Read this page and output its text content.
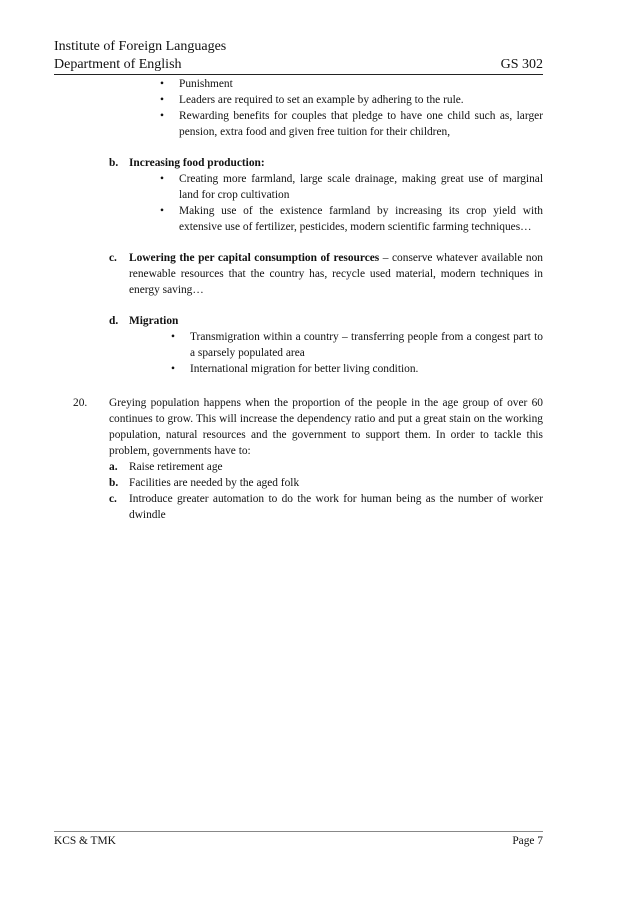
Institute of Foreign Languages
Department of English	GS 302
• Punishment
• Leaders are required to set an example by adhering to the rule.
• Rewarding benefits for couples that pledge to have one child such as, larger pension, extra food and given free tuition for their children,
b. Increasing food production:
• Creating more farmland, large scale drainage, making great use of marginal land for crop cultivation
• Making use of the existence farmland by increasing its crop yield with extensive use of fertilizer, pesticides, modern scientific farming techniques…
c. Lowering the per capital consumption of resources – conserve whatever available non renewable resources that the country has, recycle used material, modern techniques in energy saving…
d. Migration
• Transmigration within a country – transferring people from a congest part to a sparsely populated area
• International migration for better living condition.
20. Greying population happens when the proportion of the people in the age group of over 60 continues to grow. This will increase the dependency ratio and put a great stain on the working population, natural resources and the government to support them. In order to tackle this problem, governments have to:
a. Raise retirement age
b. Facilities are needed by the aged folk
c. Introduce greater automation to do the work for human being as the number of worker dwindle
KCS & TMK	Page 7
